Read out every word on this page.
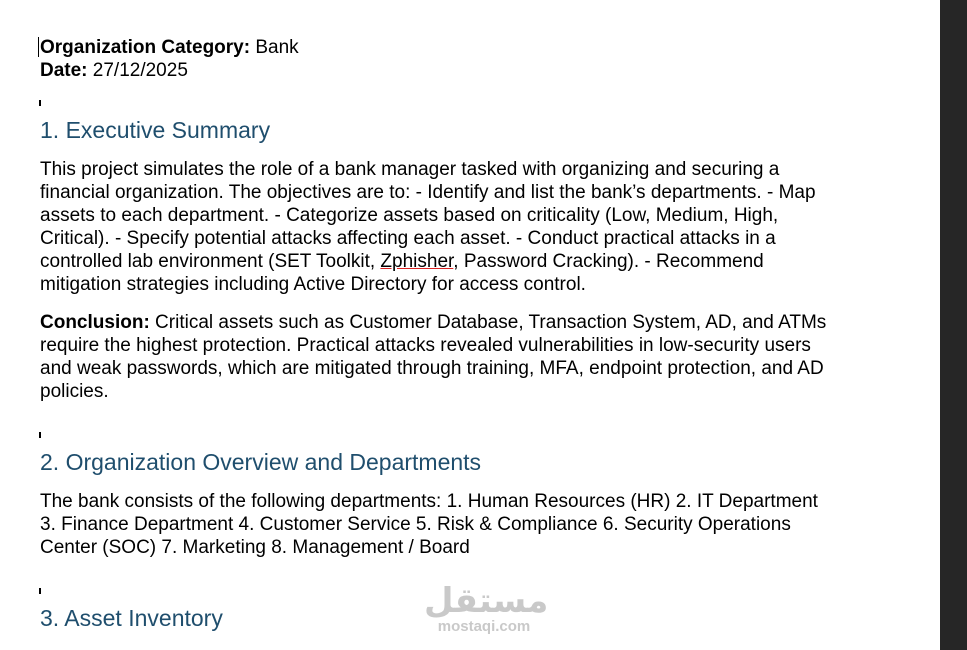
Organization Category: Bank

Date: 27/12/2025

1. Executive Summary

This project simulates the role of a bank manager tasked with organizing and securing a financial organization. The objectives are to: - Identify and list the bank’s departments. - Map assets to each department. - Categorize assets based on criticality (Low, Medium, High, Critical). - Specify potential attacks affecting each asset. - Conduct practical attacks in a controlled lab environment (SET Toolkit, Zphisher, Password Cracking). - Recommend mitigation strategies including Active Directory for access control.

Conclusion: Critical assets such as Customer Database, Transaction System, AD, and ATMs require the highest protection. Practical attacks revealed vulnerabilities in low-security users and weak passwords, which are mitigated through training, MFA, endpoint protection, and AD policies.

2. Organization Overview and Departments

The bank consists of the following departments: 1. Human Resources (HR) 2. IT Department 3. Finance Department 4. Customer Service 5. Risk & Compliance 6. Security Operations Center (SOC) 7. Marketing 8. Management / Board

3. Asset Inventory	مستقل
mostaqi.com
